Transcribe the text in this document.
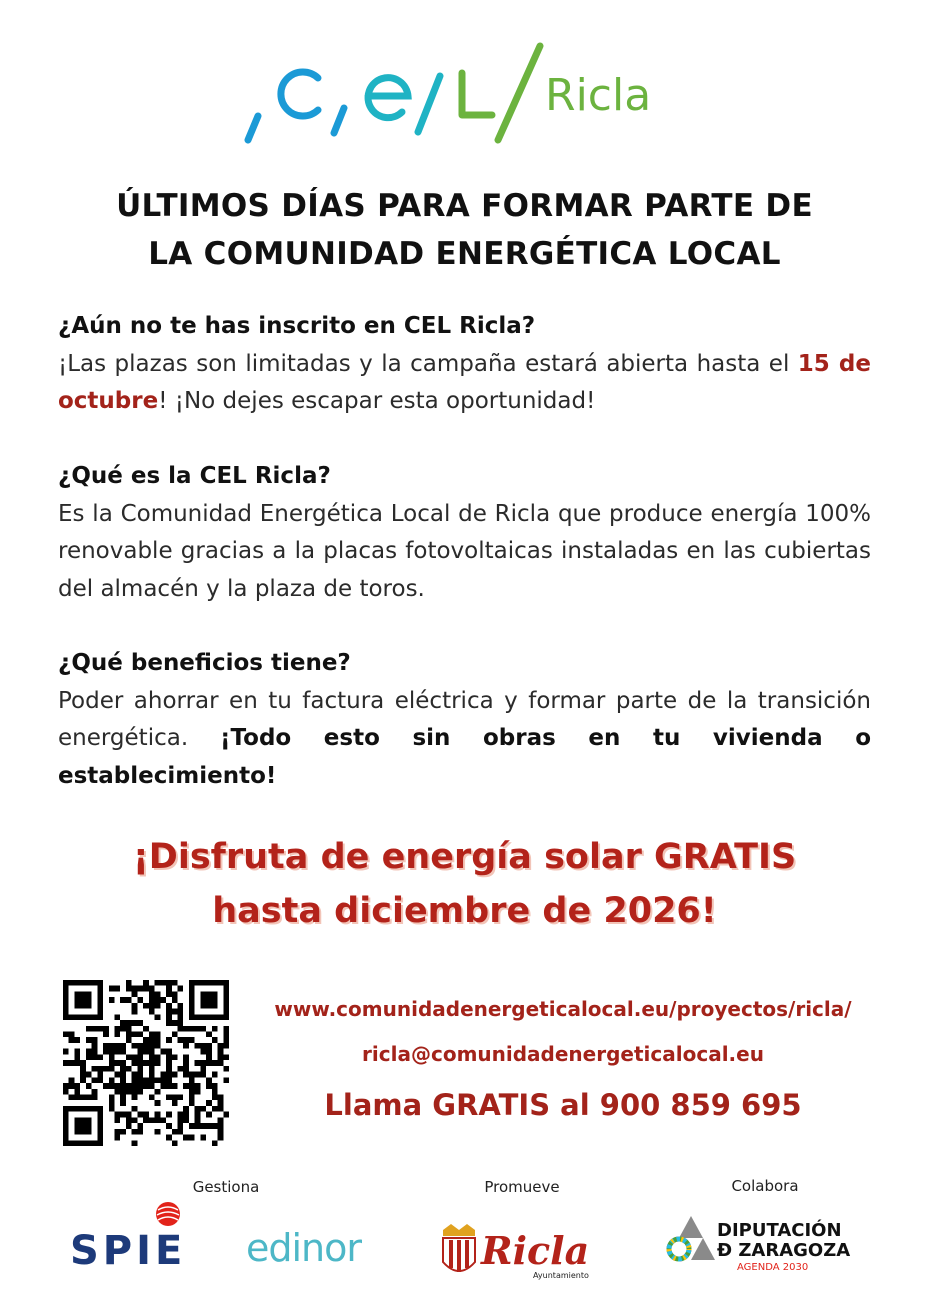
Ricla
ÚLTIMOS DÍAS PARA FORMAR PARTE DE
LA COMUNIDAD ENERGÉTICA LOCAL
¿Aún no te has inscrito en CEL Ricla?
¡Las plazas son limitadas y la campaña estará abierta hasta el 15 de octubre! ¡No dejes escapar esta oportunidad!
¿Qué es la CEL Ricla?
Es la Comunidad Energética Local de Ricla que produce energía 100% renovable gracias a la placas fotovoltaicas instaladas en las cubiertas del almacén y la plaza de toros.
¿Qué beneficios tiene?
Poder ahorrar en tu factura eléctrica y formar parte de la transición energética. ¡Todo esto sin obras en tu vivienda o establecimiento!
¡Disfruta de energía solar GRATIS
hasta diciembre de 2026!
www.comunidadenergeticalocal.eu/proyectos/ricla/
ricla@comunidadenergeticalocal.eu
Llama GRATIS al 900 859 695
Gestiona	Promueve	Colabora
SPIE edinor	Ricla
Ayuntamiento
DIPUTACIÓN
Ð ZARAGOZA
AGENDA 2030
